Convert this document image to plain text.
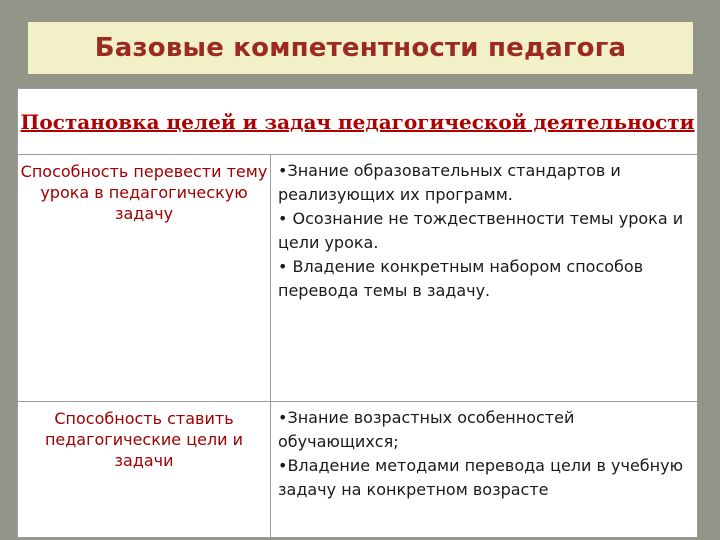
Базовые компетентности педагога
Постановка целей и задач педагогической деятельности
Способность перевести тему урока в педагогическую задачу
•Знание образовательных стандартов и реализующих их программ.
• Осознание не тождественности темы урока и цели урока.
• Владение конкретным набором способов перевода темы в задачу.
Способность ставить педагогические цели и задачи
•Знание возрастных особенностей обучающихся;
•Владение методами перевода цели в учебную задачу на конкретном возрасте
